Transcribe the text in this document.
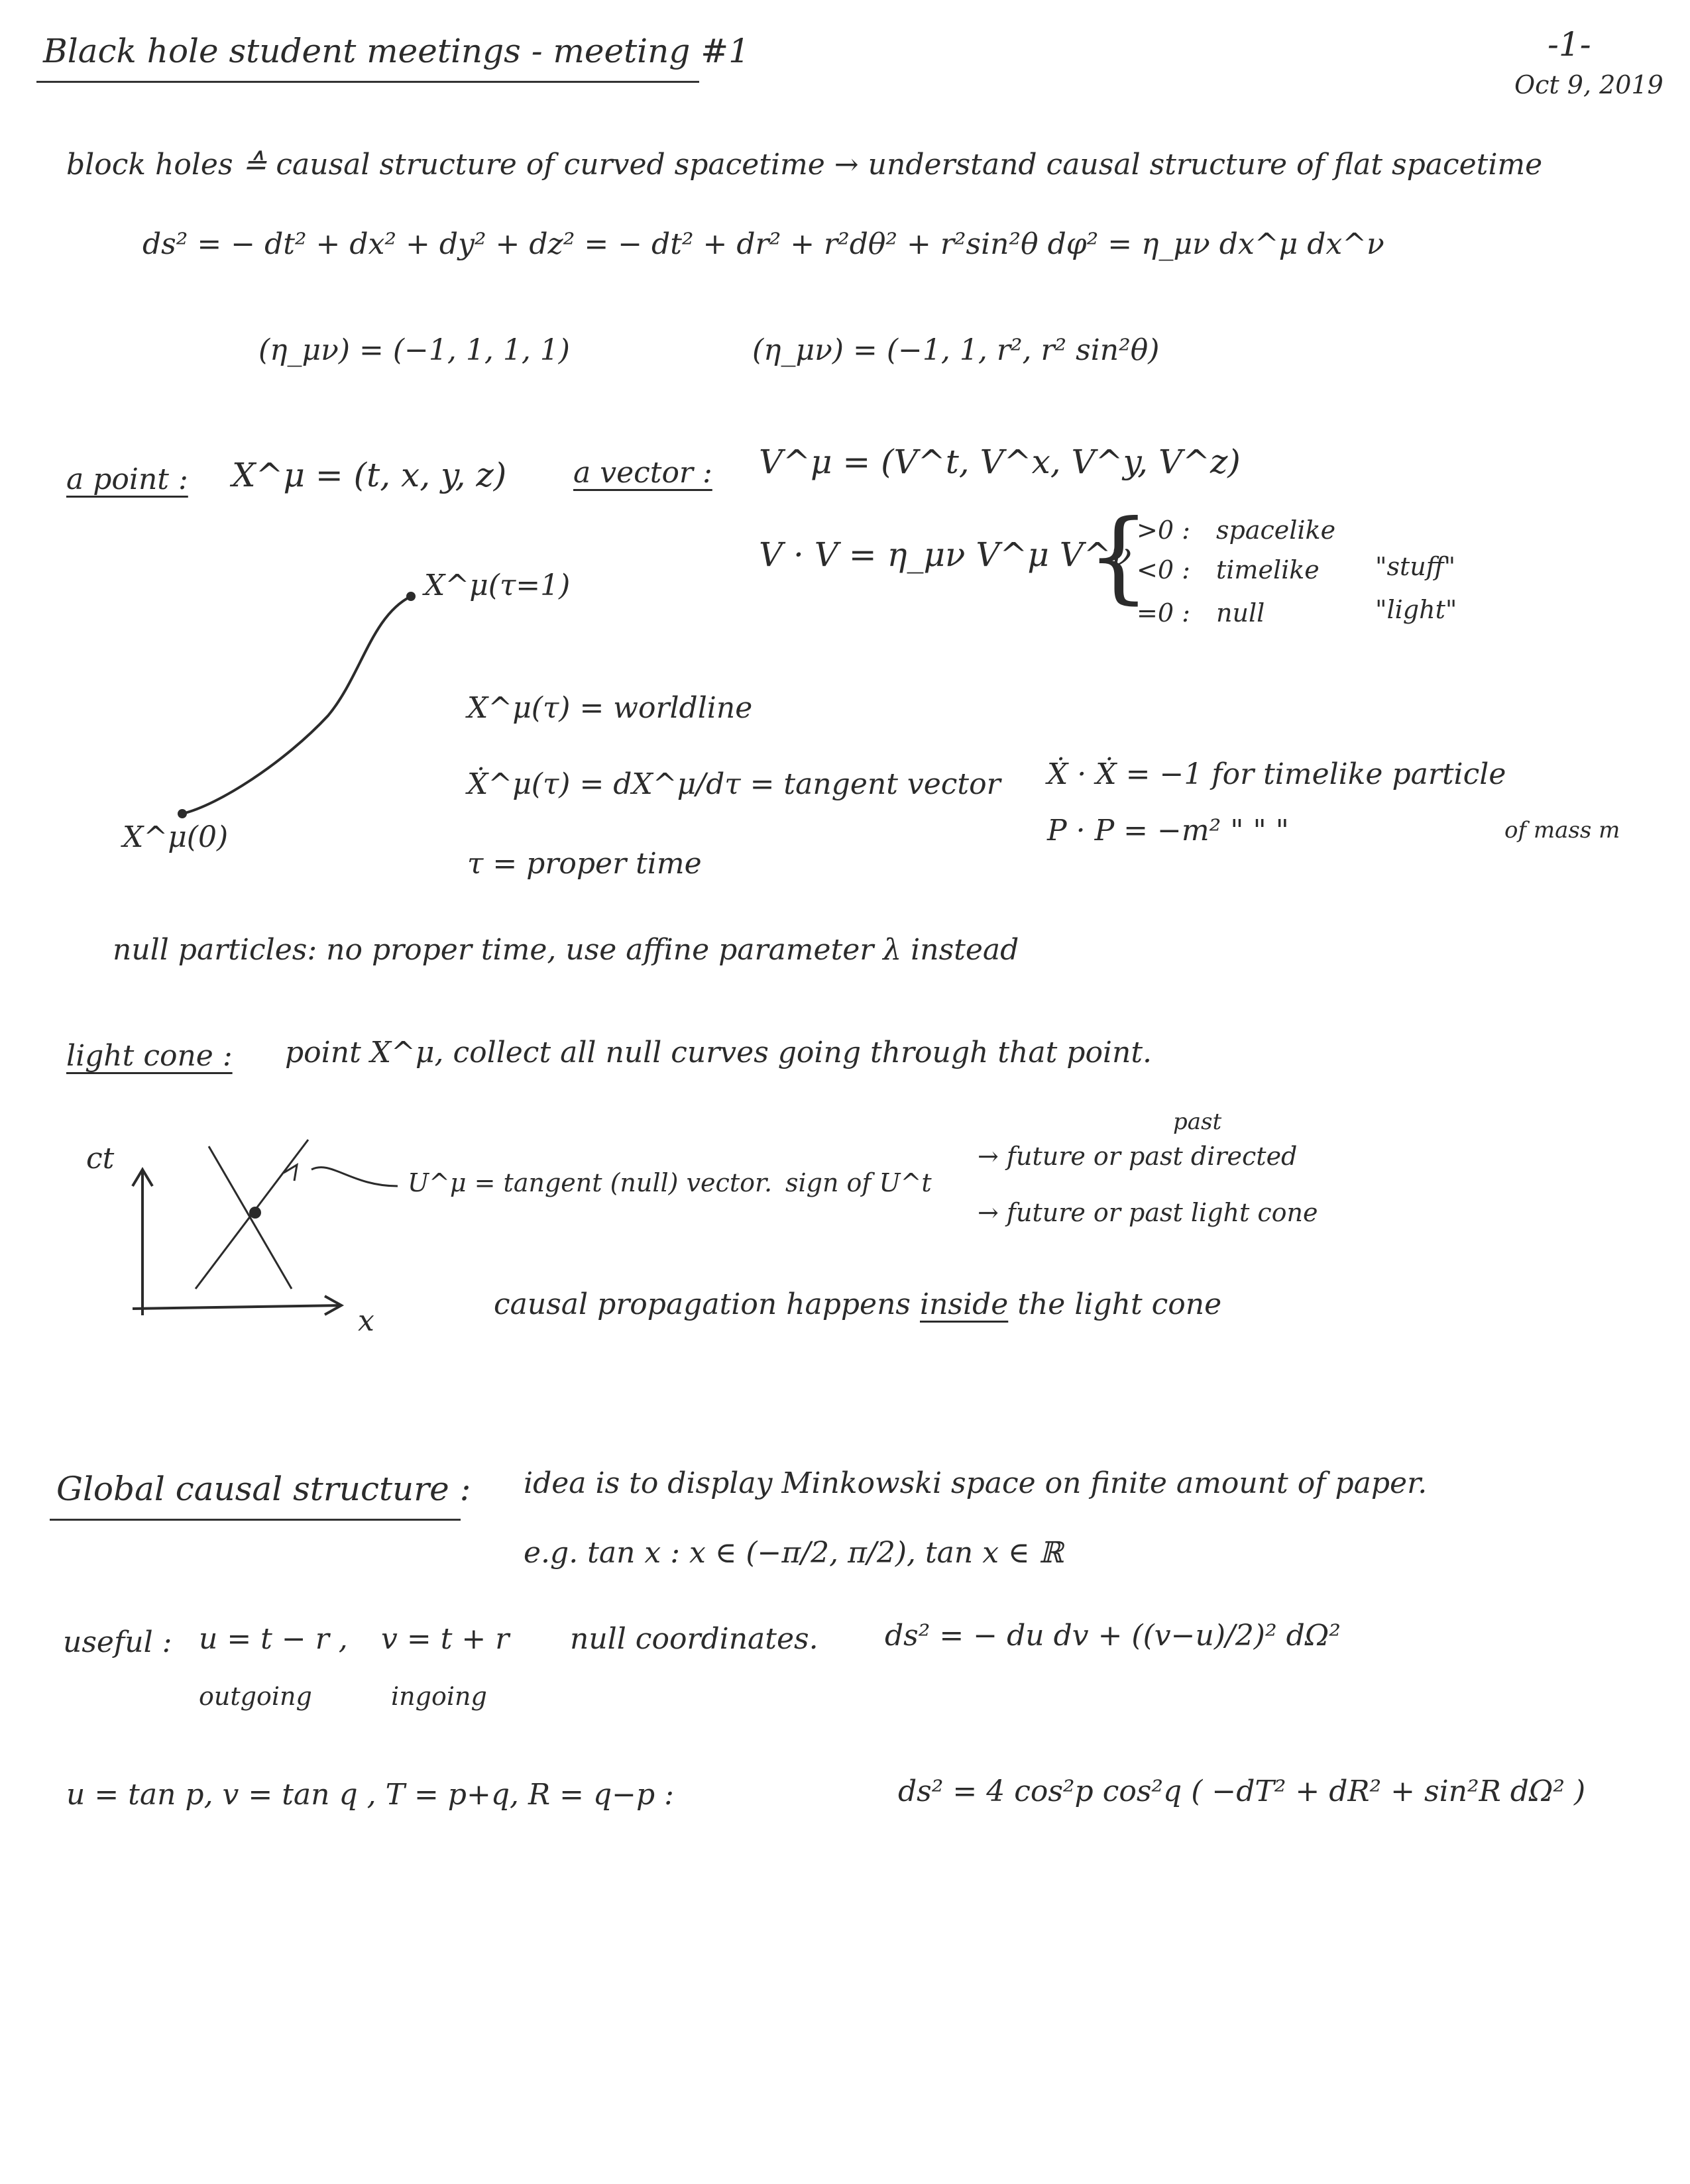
Black hole student meetings - meeting #1	-1-
Oct 9, 2019
block holes ≙ causal structure of curved spacetime → understand causal structure of flat spacetime
ds² = − dt² + dx² + dy² + dz² = − dt² + dr² + r²dθ² + r²sin²θ dφ² = η_μν dx^μ dx^ν
(η_μν) = (−1, 1, 1, 1)	(η_μν) = (−1, 1, r², r² sin²θ)
a point : X^μ = (t, x, y, z) a vector : V^μ = (V^t, V^x, V^y, V^z)
V · V = η_μν V^μ V^ν
{
>0 : spacelike
<0 : timelike "stuff"
=0 : null	"light"
X^μ(0)
X^μ(τ=1)
X^μ(τ) = worldline
Ẋ^μ(τ) = dX^μ/dτ = tangent vector
τ = proper time
Ẋ · Ẋ = −1 for timelike particle
P · P = −m² " " "	of mass m
null particles: no proper time, use affine parameter λ instead
light cone : point X^μ, collect all null curves going through that point.
ct
x
U^μ = tangent (null) vector. sign of U^t
→ future or past directed
past
→ future or past light cone
causal propagation happens inside the light cone
Global causal structure : idea is to display Minkowski space on finite amount of paper.
e.g. tan x : x ∈ (−π/2, π/2), tan x ∈ ℝ
useful : u = t − r ,
outgoing
v = t + r
ingoing
null coordinates. ds² = − du dv + ((v−u)/2)² dΩ²
u = tan p, v = tan q , T = p+q, R = q−p :	ds² = 4 cos²p cos²q ( −dT² + dR² + sin²R dΩ² )
